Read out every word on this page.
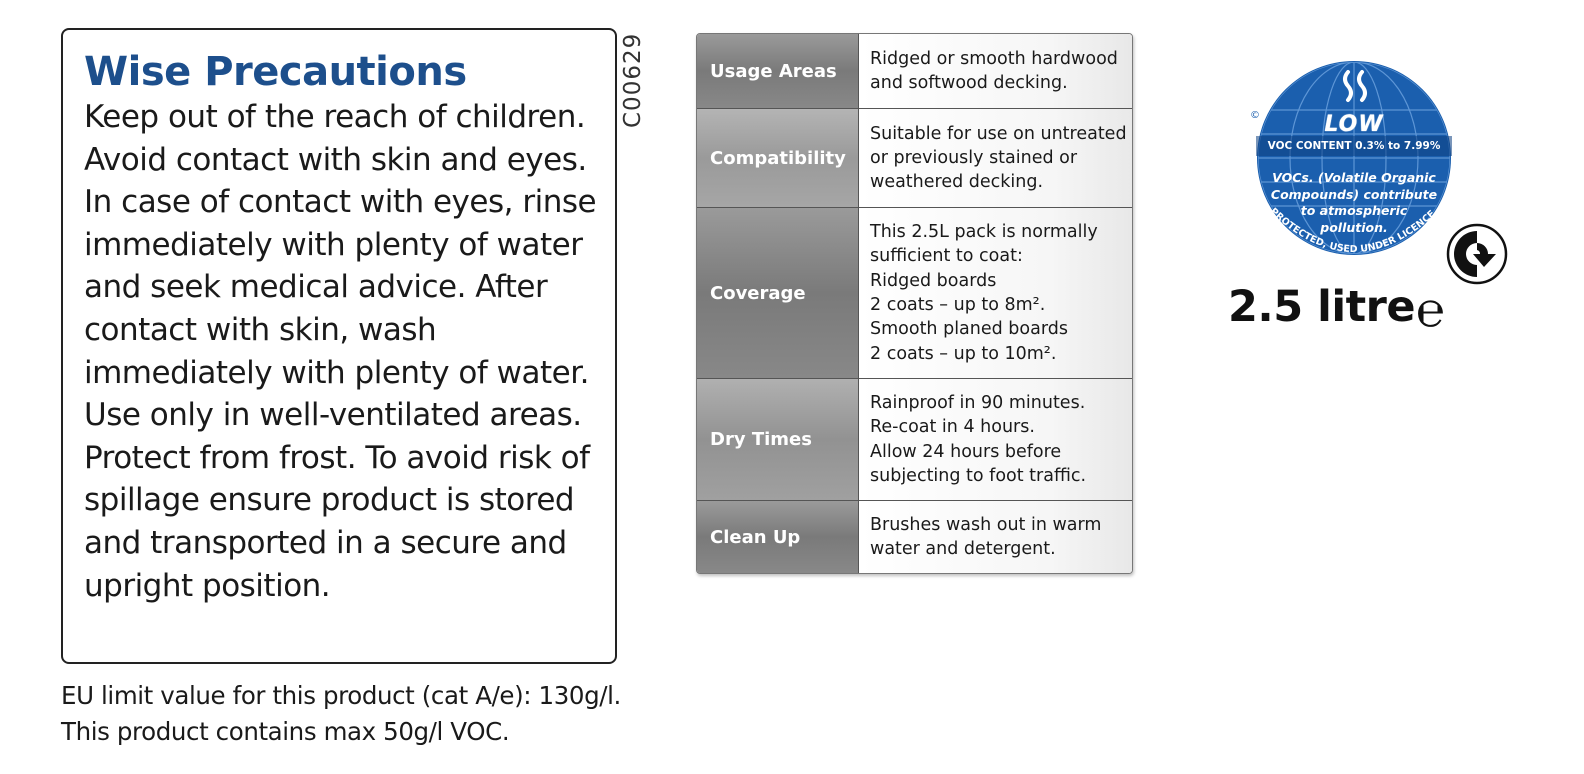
Wise Precautions

Keep out of the reach of children. Avoid contact with skin and eyes. In case of contact with eyes, rinse immediately with plenty of water and seek medical advice. After contact with skin, wash immediately with plenty of water. Use only in well-ventilated areas. Protect from frost. To avoid risk of spillage ensure product is stored and transported in a secure and upright position.

C00629
EU limit value for this product (cat A/e): 130g/l.
This product contains max 50g/l VOC.
Usage Areas
Ridged or smooth hardwood
and softwood decking.
Compatibility
Suitable for use on untreated
or previously stained or
weathered decking.
Coverage
This 2.5L pack is normally
sufficient to coat:
Ridged boards
2 coats – up to 8m².
Smooth planed boards
2 coats – up to 10m².
Dry Times
Rainproof in 90 minutes.
Re-coat in 4 hours.
Allow 24 hours before
subjecting to foot traffic.
Clean Up
Brushes wash out in warm
water and detergent.
©
PROTECTED, USED UNDER LICENCE.
LOW
VOC CONTENT 0.3% to 7.99%
VOCs. (Volatile Organic
Compounds) contribute
to atmospheric
pollution.
2.5 litre ℮
